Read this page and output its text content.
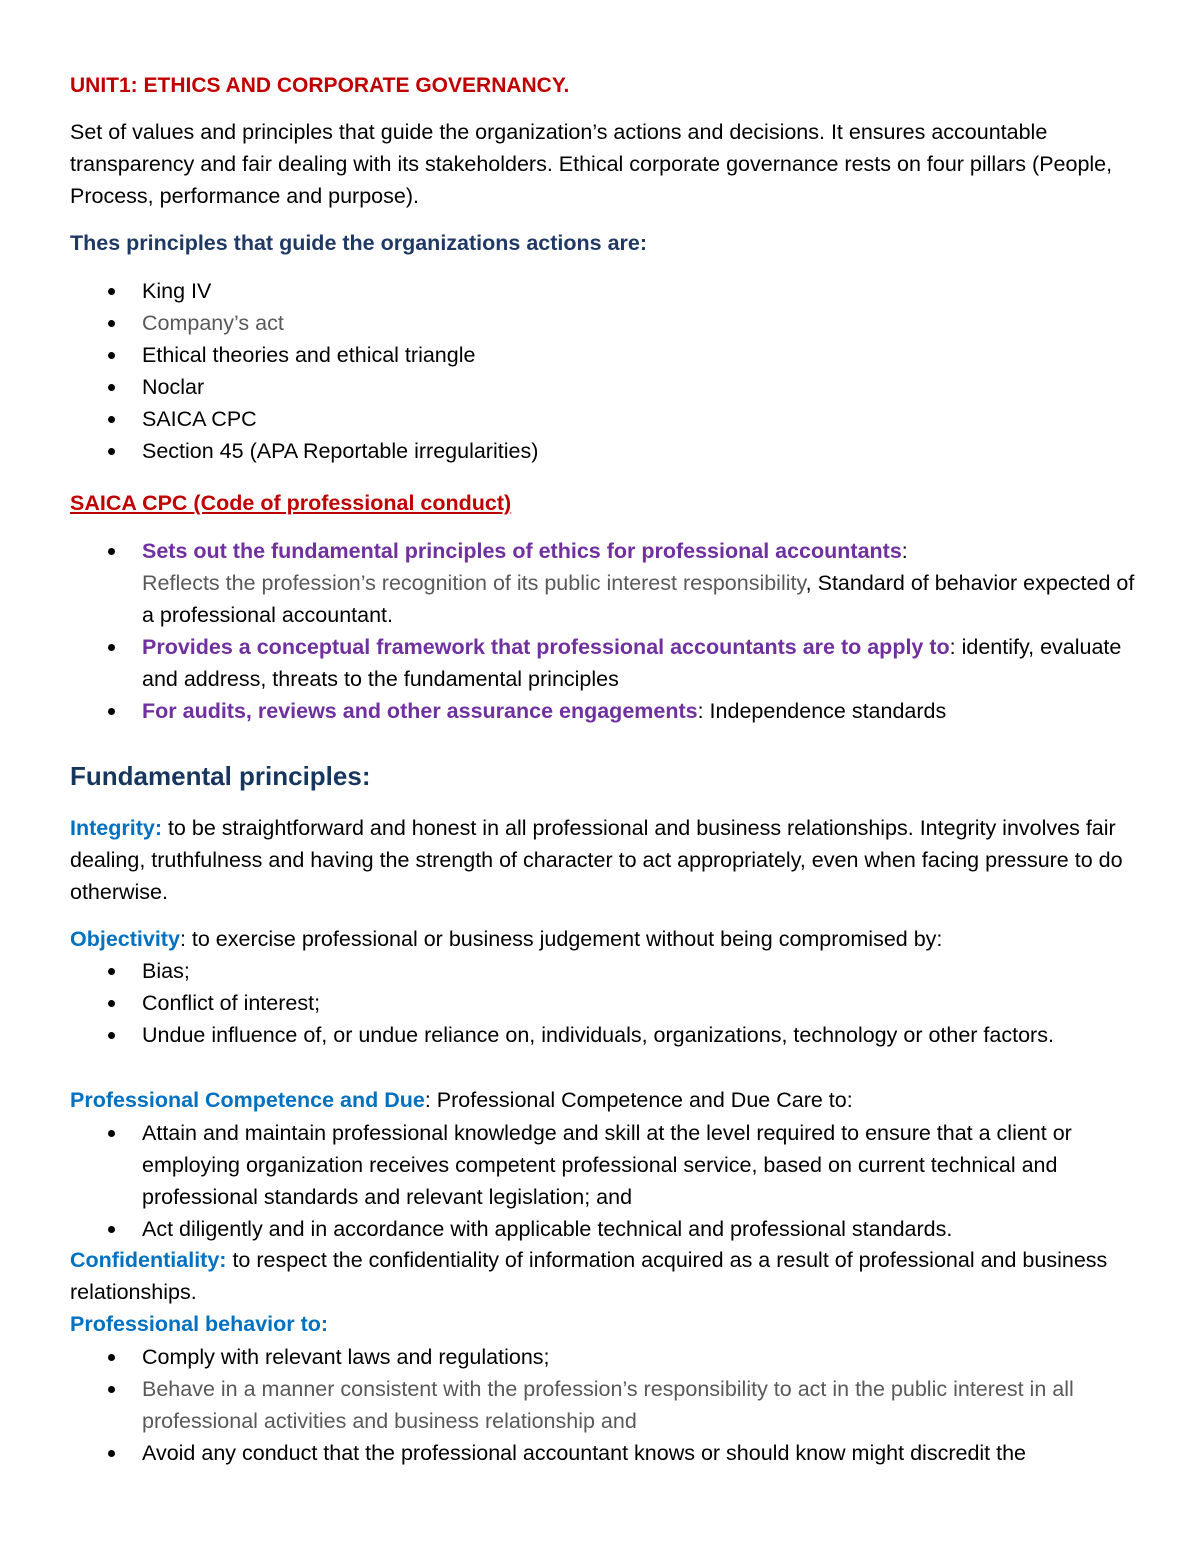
UNIT1: ETHICS AND CORPORATE GOVERNANCY.

Set of values and principles that guide the organization’s actions and decisions. It ensures accountable transparency and fair dealing with its stakeholders. Ethical corporate governance rests on four pillars (People, Process, performance and purpose).

Thes principles that guide the organizations actions are:

King IV
Company’s act
Ethical theories and ethical triangle
Noclar
SAICA CPC
Section 45 (APA Reportable irregularities)

SAICA CPC (Code of professional conduct)

Sets out the fundamental principles of ethics for professional accountants:
Reflects the profession’s recognition of its public interest responsibility, Standard of behavior expected of a professional accountant.
Provides a conceptual framework that professional accountants are to apply to: identify, evaluate and address, threats to the fundamental principles
For audits, reviews and other assurance engagements: Independence standards

Fundamental principles:

Integrity: to be straightforward and honest in all professional and business relationships. Integrity involves fair dealing, truthfulness and having the strength of character to act appropriately, even when facing pressure to do otherwise.

Objectivity: to exercise professional or business judgement without being compromised by:

Bias;
Conflict of interest;
Undue influence of, or undue reliance on, individuals, organizations, technology or other factors.

Professional Competence and Due: Professional Competence and Due Care to:

Attain and maintain professional knowledge and skill at the level required to ensure that a client or employing organization receives competent professional service, based on current technical and professional standards and relevant legislation; and
Act diligently and in accordance with applicable technical and professional standards.

Confidentiality: to respect the confidentiality of information acquired as a result of professional and business relationships.

Professional behavior to:

Comply with relevant laws and regulations;
Behave in a manner consistent with the profession’s responsibility to act in the public interest in all professional activities and business relationship and
Avoid any conduct that the professional accountant knows or should know might discredit the
